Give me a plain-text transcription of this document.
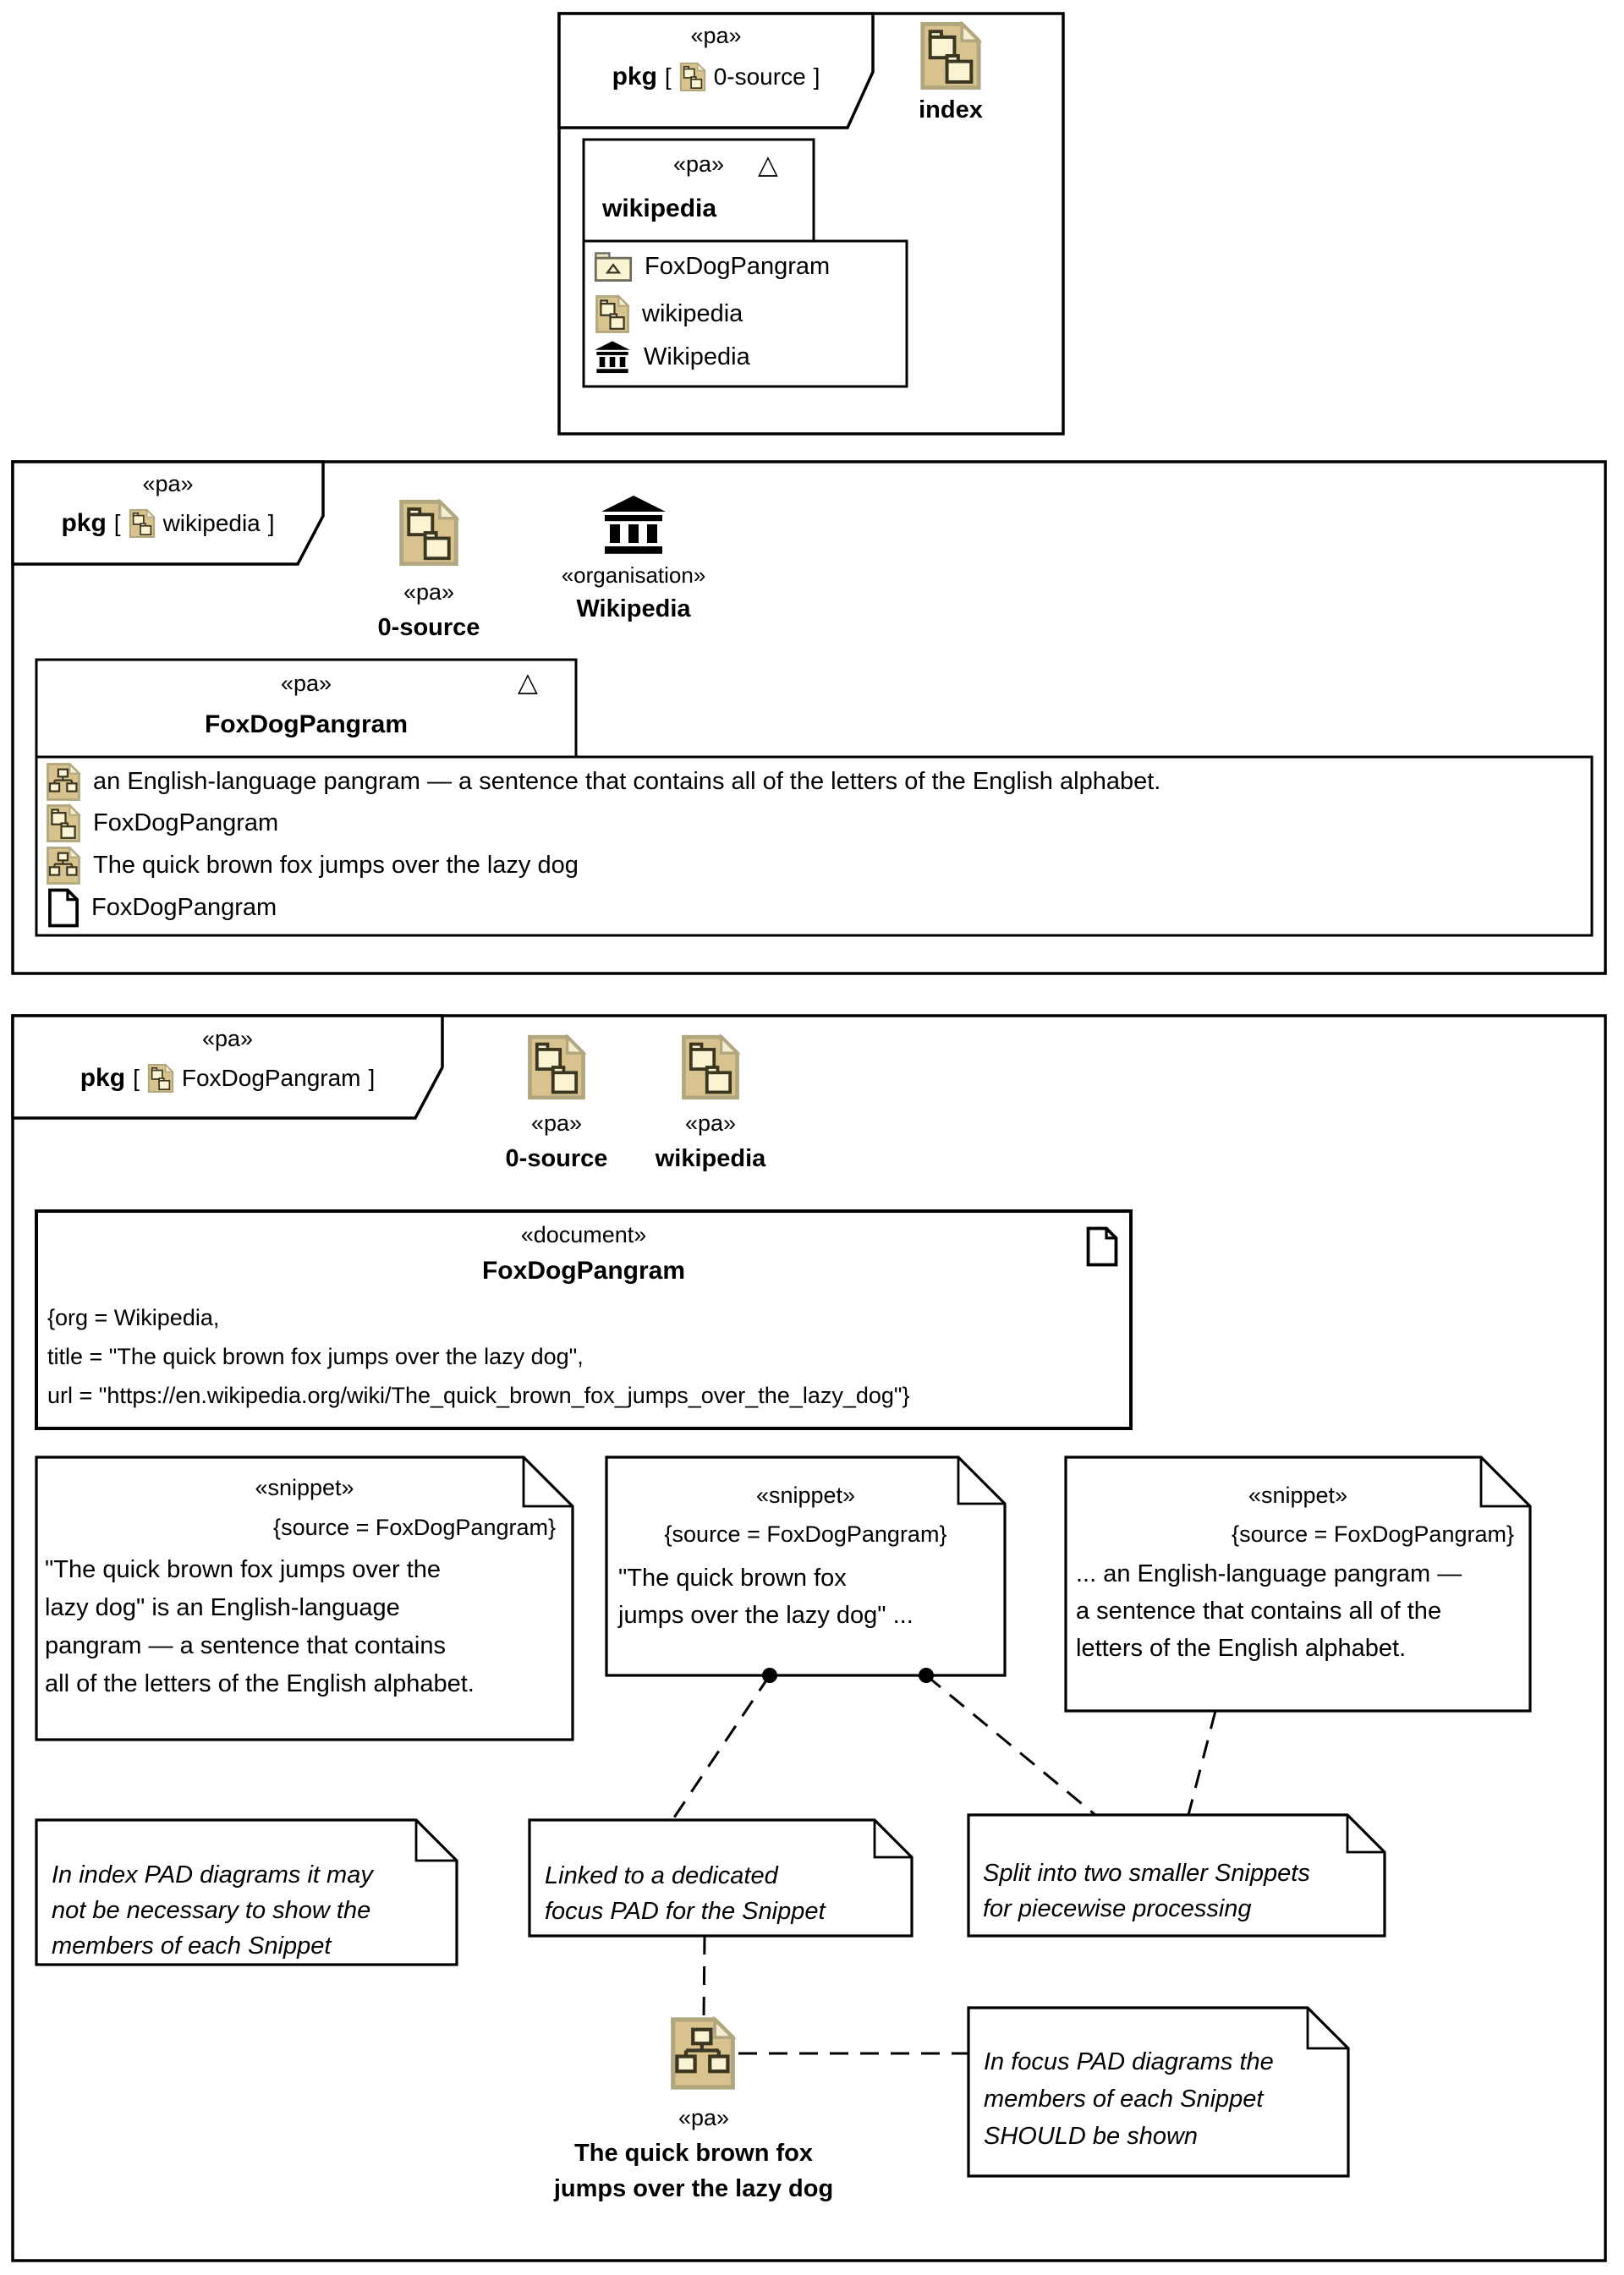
«pa»
pkg [ 0-source ]
index
«pa»	△
wikipedia
FoxDogPangram
wikipedia
Wikipedia
«pa»
pkg [ wikipedia ]
«pa»
0-source
«organisation»
Wikipedia
«pa»	△
FoxDogPangram
an English-language pangram — a sentence that contains all of the letters of the English alphabet.
FoxDogPangram
The quick brown fox jumps over the lazy dog
FoxDogPangram
«pa»
pkg [ FoxDogPangram ]
«pa»
0-source
«pa»
wikipedia
«document»
FoxDogPangram
{org = Wikipedia,
title = "The quick brown fox jumps over the lazy dog",
url = "https://en.wikipedia.org/wiki/The_quick_brown_fox_jumps_over_the_lazy_dog"}
«snippet»
{source = FoxDogPangram}
"The quick brown fox jumps over the
lazy dog" is an English-language
pangram — a sentence that contains
all of the letters of the English alphabet.
«snippet»
{source = FoxDogPangram}
"The quick brown fox
jumps over the lazy dog" ...
«snippet»
{source = FoxDogPangram}
... an English-language pangram —
a sentence that contains all of the
letters of the English alphabet.
In index PAD diagrams it may
not be necessary to show the
members of each Snippet
Linked to a dedicated
focus PAD for the Snippet
Split into two smaller Snippets
for piecewise processing
In focus PAD diagrams the
members of each Snippet
SHOULD be shown
«pa»
The quick brown fox
jumps over the lazy dog
